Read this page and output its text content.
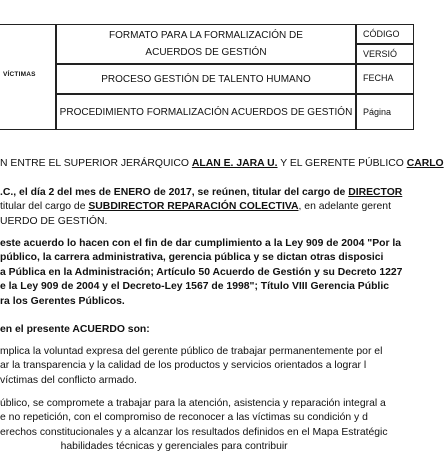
VÍCTIMAS
FORMATO PARA LA FORMALIZACIÓN DE
ACUERDOS DE GESTIÓN
PROCESO GESTIÓN DE TALENTO HUMANO
PROCEDIMIENTO FORMALIZACIÓN ACUERDOS DE GESTIÓN
CÓDIGO
VERSIÓ
FECHA
Página
N ENTRE EL SUPERIOR JERÁRQUICO ALAN E. JARA U. Y EL GERENTE PÚBLICO CARLO
.C., el día 2 del mes de ENERO de 2017, se reúnen, titular del cargo de DIRECTOR
titular del cargo de SUBDIRECTOR REPARACIÓN COLECTIVA, en adelante gerent
UERDO DE GESTIÓN.
este acuerdo lo hacen con el fin de dar cumplimiento a la Ley 909 de 2004 "Por la
público, la carrera administrativa, gerencia pública y se dictan otras disposici
a Pública en la Administración; Artículo 50 Acuerdo de Gestión y su Decreto 1227
e la Ley 909 de 2004 y el Decreto-Ley 1567 de 1998"; Título VIII Gerencia Públic
ra los Gerentes Públicos.
en el presente ACUERDO son:
mplica la voluntad expresa del gerente público de trabajar permanentemente por el
ar la transparencia y la calidad de los productos y servicios orientados a lograr l
víctimas del conflicto armado.
úblico, se compromete a trabajar para la atención, asistencia y reparación integral a
e no repetición, con el compromiso de reconocer a las víctimas su condición y d
erechos constitucionales y a alcanzar los resultados definidos en el Mapa Estratégic
habilidades técnicas y gerenciales para contribuir
